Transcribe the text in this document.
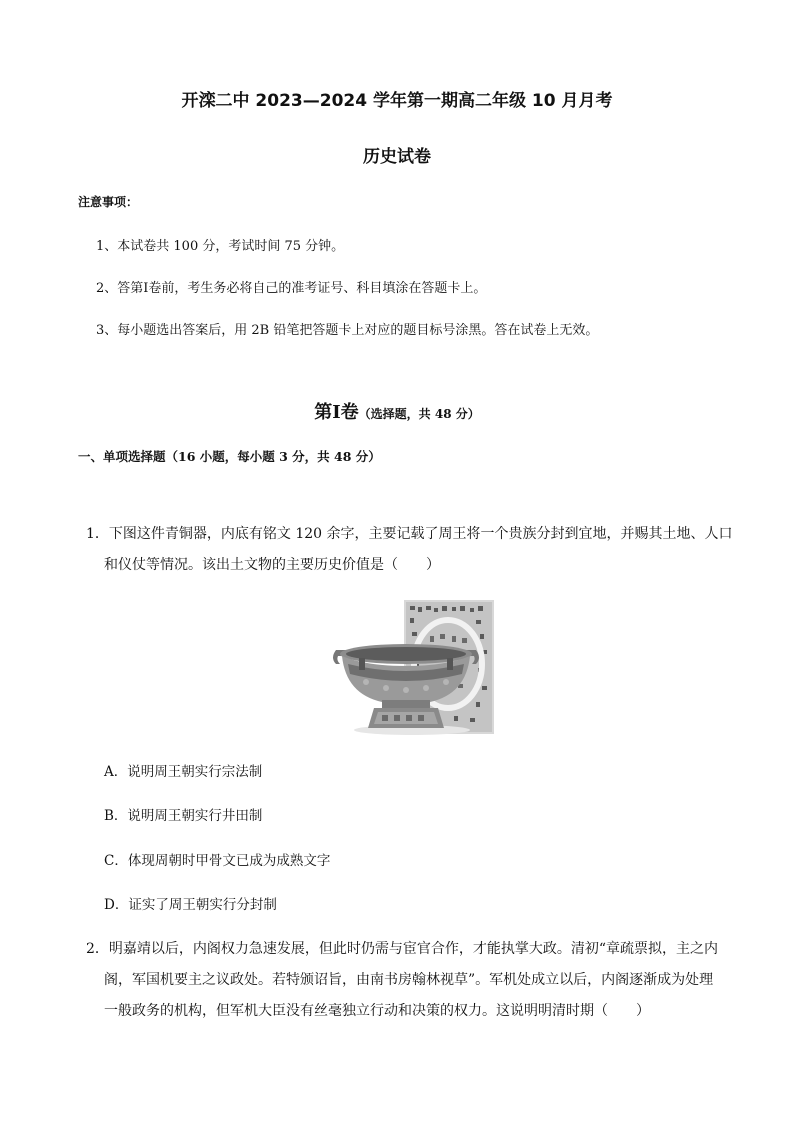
开滦二中 2023—2024 学年第一期高二年级 10 月月考
历史试卷
注意事项：
1、本试卷共 100 分，考试时间 75 分钟。
2、答第Ⅰ卷前，考生务必将自己的准考证号、科目填涂在答题卡上。
3、每小题选出答案后，用 2B 铅笔把答题卡上对应的题目标号涂黑。答在试卷上无效。
第Ⅰ卷（选择题，共 48 分）
一、单项选择题（16 小题，每小题 3 分，共 48 分）
1．下图这件青铜器，内底有铭文 120 余字，主要记载了周王将一个贵族分封到宜地，并赐其土地、人口
和仪仗等情况。该出土文物的主要历史价值是（　　）
A．说明周王朝实行宗法制
B．说明周王朝实行井田制
C．体现周朝时甲骨文已成为成熟文字
D．证实了周王朝实行分封制
2．明嘉靖以后，内阁权力急速发展，但此时仍需与宦官合作，才能执掌大政。清初“章疏票拟，主之内
阁，军国机要主之议政处。若特颁诏旨，由南书房翰林视草”。军机处成立以后，内阁逐渐成为处理
一般政务的机构，但军机大臣没有丝毫独立行动和决策的权力。这说明明清时期（　　）
